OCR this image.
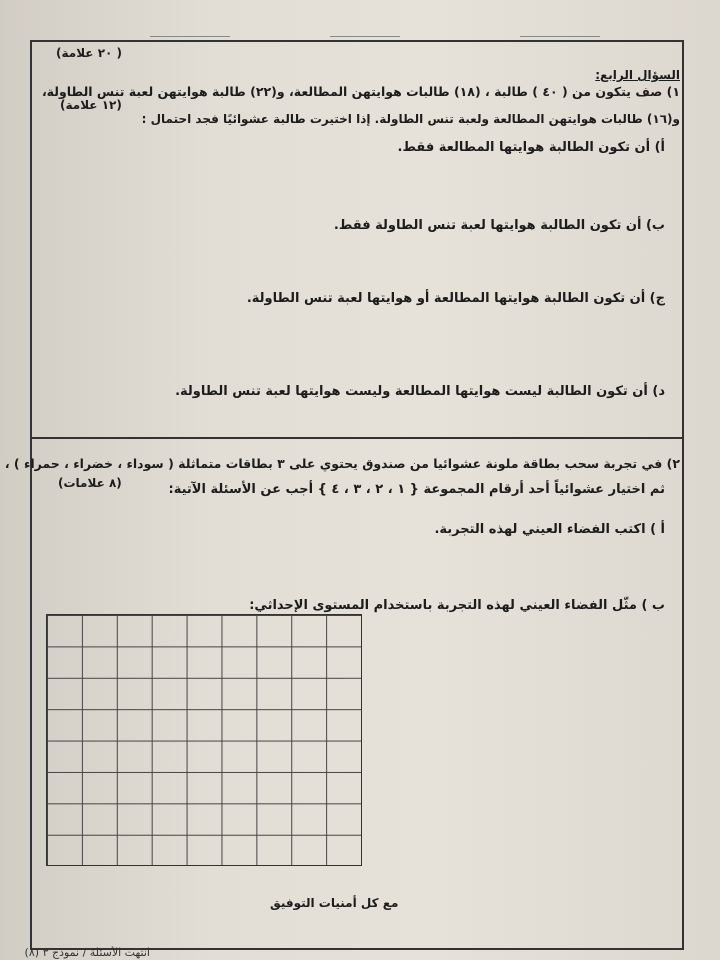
( ٢٠ علامة)
السؤال الرابع:
١) صف يتكون من ( ٤٠ ) طالبة ، (١٨) طالبات هوايتهن المطالعة، و(٢٢) طالبة هوايتهن لعبة تنس الطاولة،
(١٢ علامة)
و(١٦) طالبات هوايتهن المطالعة ولعبة تنس الطاولة. إذا اختيرت طالبة عشوائيًا فجد احتمال :
أ) أن تكون الطالبة هوايتها المطالعة فقط.
ب) أن تكون الطالبة هوايتها لعبة تنس الطاولة فقط.
ج) أن تكون الطالبة هوايتها المطالعة أو هوايتها لعبة تنس الطاولة.
د) أن تكون الطالبة ليست هوايتها المطالعة وليست هوايتها لعبة تنس الطاولة.
٢) في تجربة سحب بطاقة ملونة عشوائيا من صندوق يحتوي على ٣ بطاقات متماثلة ( سوداء ، خضراء ، حمراء ) ،
(٨ علامات)	ثم اختيار عشوائياً أحد أرقام المجموعة { ١ ، ٢ ، ٣ ، ٤ } أجب عن الأسئلة الآتية:
أ ) اكتب الفضاء العيني لهذه التجربة.
ب ) مثّل الفضاء العيني لهذه التجربة باستخدام المستوى الإحداثي:
مع كل أمنيات التوفيق
انتهت الأسئلة / نموذج ٣ (٨)
